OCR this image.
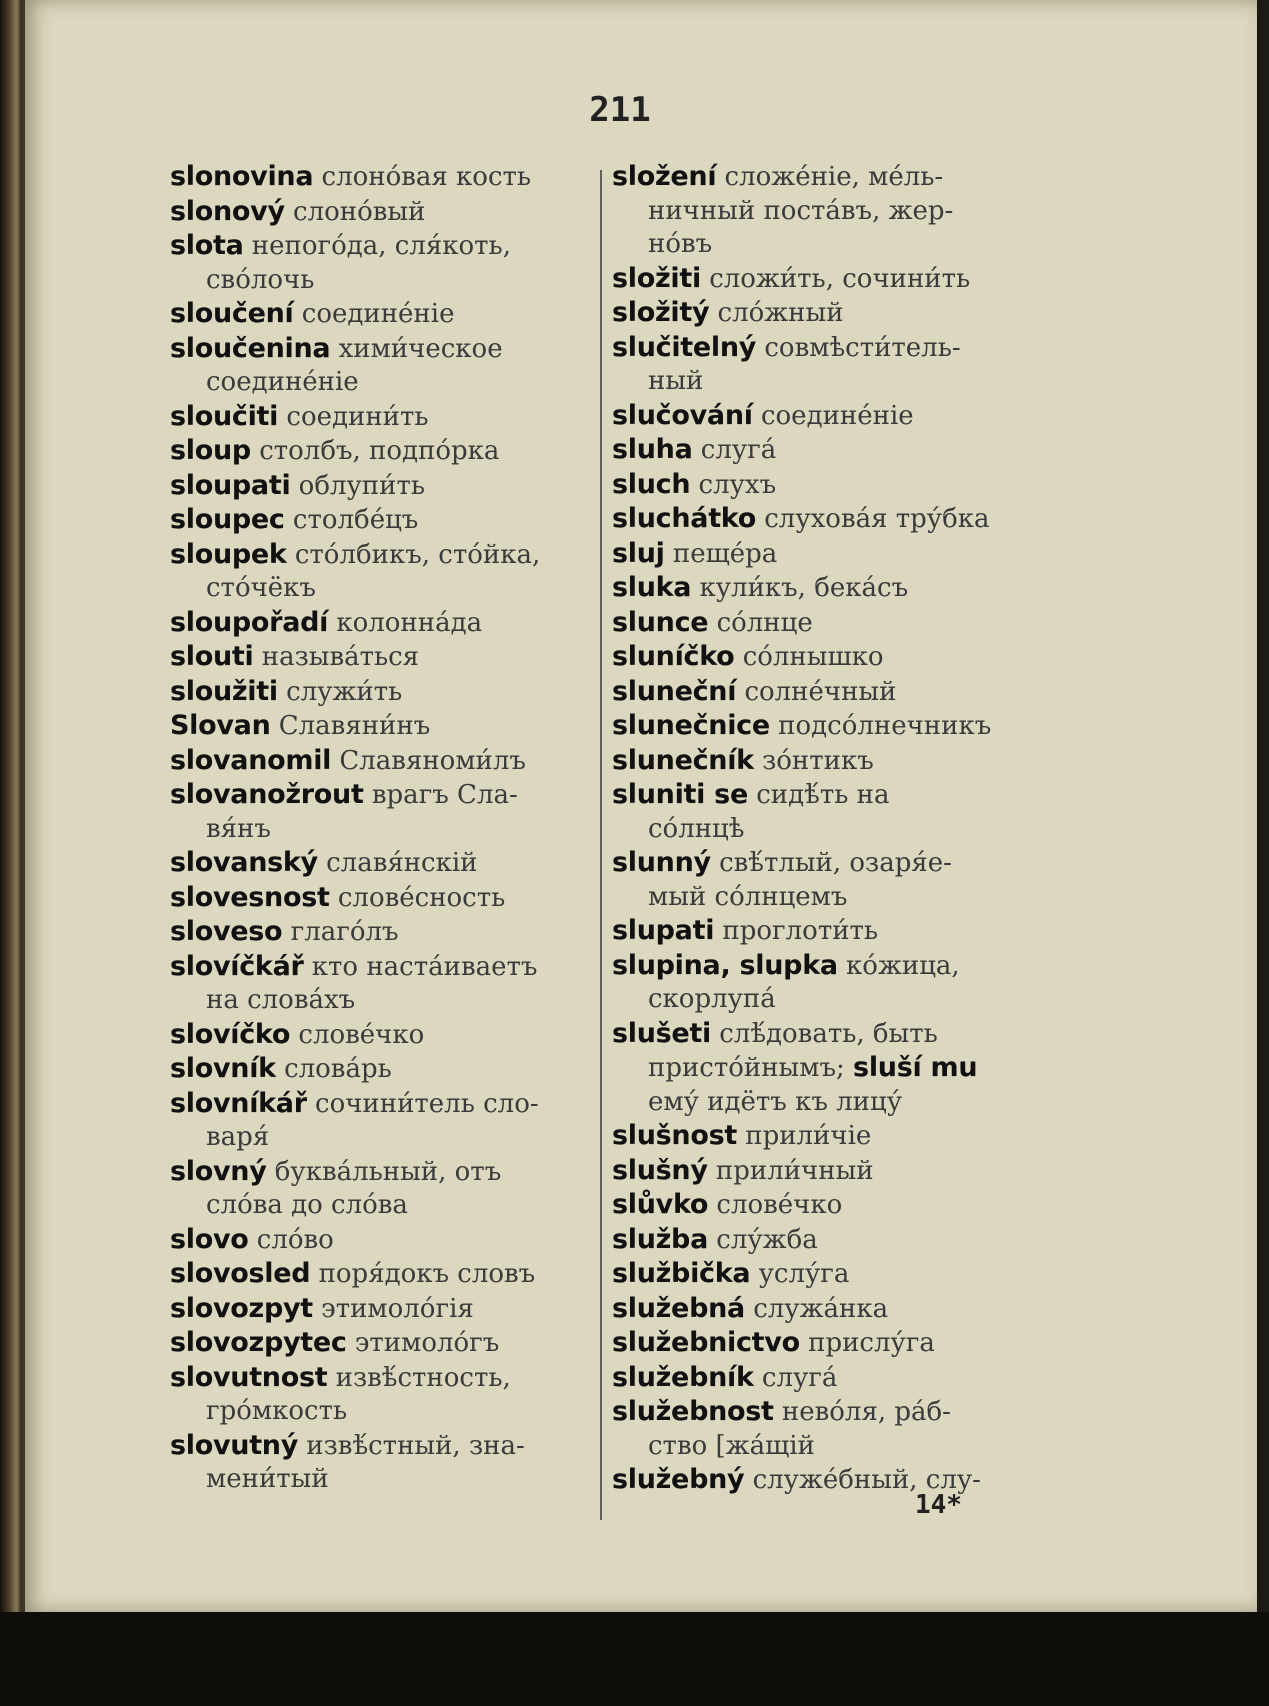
211
slonovina слоно́вая кость
slonový слоно́вый
slota непого́да, сля́коть,
сво́лочь
sloučení соедине́ніе
sloučenina хими́ческое
соедине́ніе
sloučiti соедини́ть
sloup столбъ, подпо́рка
sloupati облупи́ть
sloupec столбе́цъ
sloupek сто́лбикъ, сто́йка,
сто́чёкъ
sloupořadí колонна́да
slouti называ́ться
sloužiti служи́ть
Slovan Славяни́нъ
slovanomil Славяноми́лъ
slovanožrout врагъ Сла-
вя́нъ
slovanský славя́нскій
slovesnost слове́сность
sloveso глаго́лъ
slovíčkář кто наста́иваетъ
на слова́хъ
slovíčko слове́чко
slovník слова́рь
slovníkář сочини́тель сло-
варя́
slovný буква́льный, отъ
сло́ва до сло́ва
slovo сло́во
slovosled поря́докъ словъ
slovozpyt этимоло́гія
slovozpytec этимоло́гъ
slovutnost извѣ́стность,
гро́мкость
slovutný извѣ́стный, зна-
мени́тый
složení сложе́ніе, ме́ль-
ничный поста́въ, жер-
но́въ
složiti сложи́ть, сочини́ть
složitý сло́жный
slučitelný совмѣсти́тель-
ный
slučování соедине́ніе
sluha слуга́
sluch слухъ
sluchátko слухова́я тру́бка
sluj пеще́ра
sluka кули́къ, бека́съ
slunce со́лнце
sluníčko со́лнышко
sluneční солне́чный
slunečnice подсо́лнечникъ
slunečník зо́нтикъ
sluniti se сидѣ́ть на
со́лнцѣ
slunný свѣ́тлый, озаря́е-
мый со́лнцемъ
slupati проглоти́ть
slupina, slupka ко́жица,
скорлупа́
slušeti слѣ́довать, быть
присто́йнымъ; sluší mu
ему́ идётъ къ лицу́
slušnost прили́чіе
slušný прили́чный
slůvko слове́чко
služba слу́жба
službička услу́га
služebná служа́нка
služebnictvo прислу́га
služebník слуга́
služebnost нево́ля, ра́б-
ство [жа́щій
služebný служе́бный, слу-
14*
